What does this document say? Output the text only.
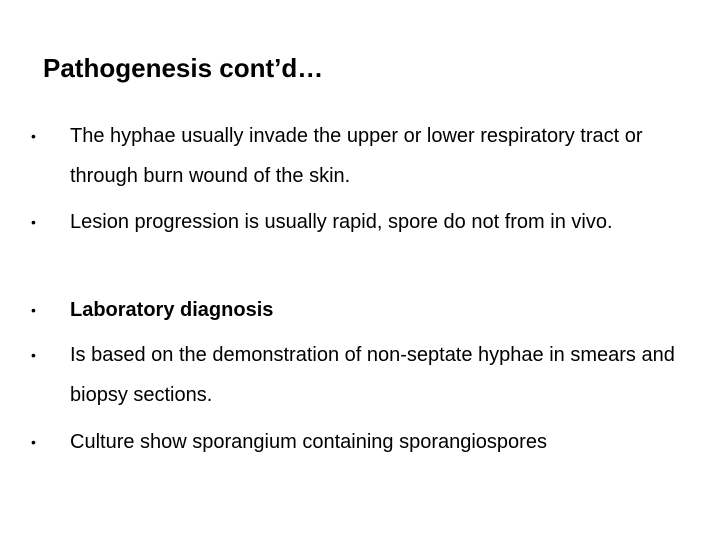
Pathogenesis cont’d…
•	The hyphae usually invade the upper or lower respiratory tract or through burn wound of the skin.
•	Lesion progression is usually rapid, spore do not from in vivo.
•	Laboratory diagnosis
•	Is based on the demonstration of non-septate hyphae in smears and biopsy sections.
•	Culture show sporangium containing sporangiospores
